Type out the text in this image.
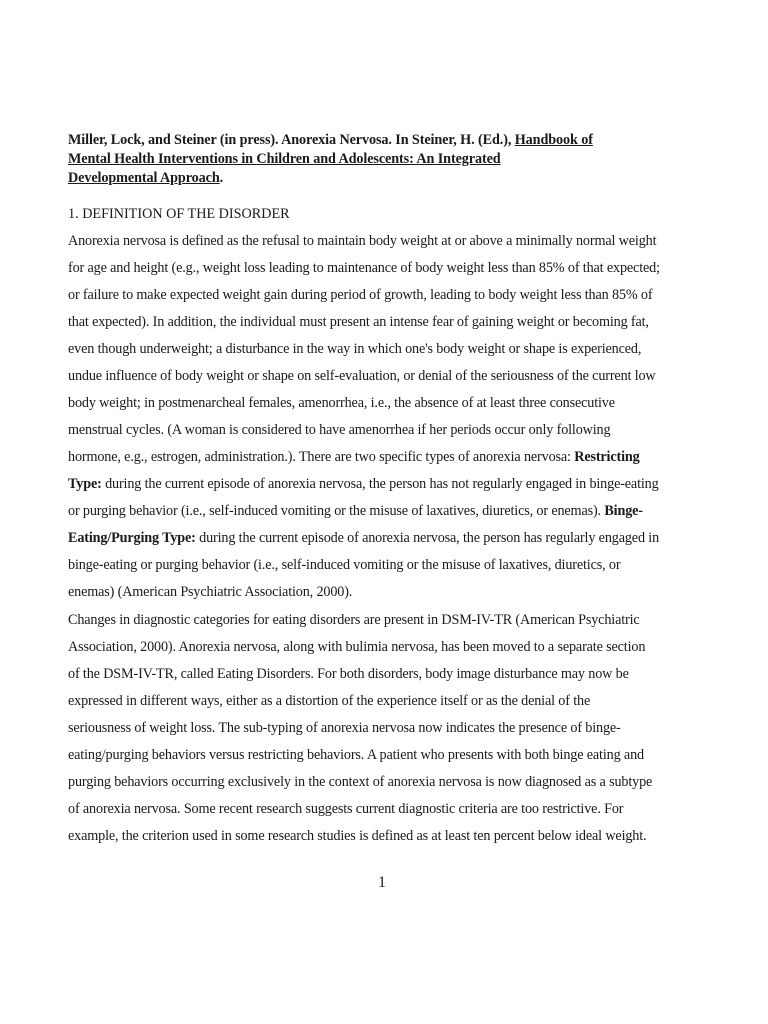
Miller, Lock, and Steiner (in press). Anorexia Nervosa. In Steiner, H. (Ed.), Handbook of
Mental Health Interventions in Children and Adolescents: An Integrated
Developmental Approach.
1. DEFINITION OF THE DISORDER
Anorexia nervosa is defined as the refusal to maintain body weight at or above a minimally normal weight
for age and height (e.g., weight loss leading to maintenance of body weight less than 85% of that expected;
or failure to make expected weight gain during period of growth, leading to body weight less than 85% of
that expected). In addition, the individual must present an intense fear of gaining weight or becoming fat,
even though underweight; a disturbance in the way in which one's body weight or shape is experienced,
undue influence of body weight or shape on self-evaluation, or denial of the seriousness of the current low
body weight; in postmenarcheal females, amenorrhea, i.e., the absence of at least three consecutive
menstrual cycles. (A woman is considered to have amenorrhea if her periods occur only following
hormone, e.g., estrogen, administration.). There are two specific types of anorexia nervosa: Restricting
Type: during the current episode of anorexia nervosa, the person has not regularly engaged in binge-eating
or purging behavior (i.e., self-induced vomiting or the misuse of laxatives, diuretics, or enemas). Binge-
Eating/Purging Type: during the current episode of anorexia nervosa, the person has regularly engaged in
binge-eating or purging behavior (i.e., self-induced vomiting or the misuse of laxatives, diuretics, or
enemas) (American Psychiatric Association, 2000).
Changes in diagnostic categories for eating disorders are present in DSM-IV-TR (American Psychiatric
Association, 2000). Anorexia nervosa, along with bulimia nervosa, has been moved to a separate section
of the DSM-IV-TR, called Eating Disorders. For both disorders, body image disturbance may now be
expressed in different ways, either as a distortion of the experience itself or as the denial of the
seriousness of weight loss. The sub-typing of anorexia nervosa now indicates the presence of binge-
eating/purging behaviors versus restricting behaviors. A patient who presents with both binge eating and
purging behaviors occurring exclusively in the context of anorexia nervosa is now diagnosed as a subtype
of anorexia nervosa. Some recent research suggests current diagnostic criteria are too restrictive. For
example, the criterion used in some research studies is defined as at least ten percent below ideal weight.
1
